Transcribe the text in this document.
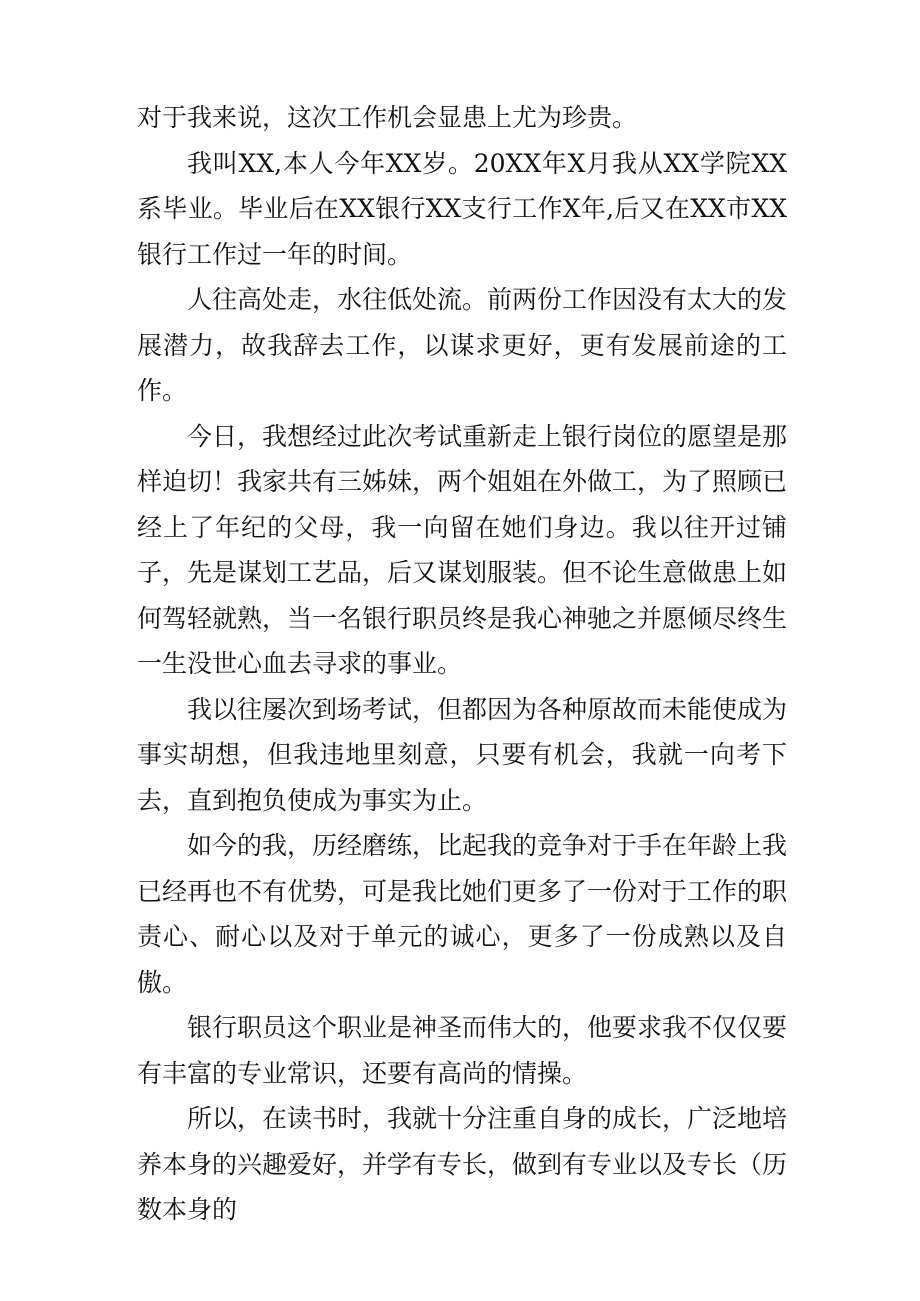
对于我来说，这次工作机会显患上尤为珍贵。

我叫XX,本人今年XX岁。20XX年X月我从XX学院XX系毕业。毕业后在XX银行XX支行工作X年,后又在XX市XX银行工作过一年的时间。

人往高处走，水往低处流。前两份工作因没有太大的发展潜力，故我辞去工作，以谋求更好，更有发展前途的工作。

今日，我想经过此次考试重新走上银行岗位的愿望是那样迫切！我家共有三姊妹，两个姐姐在外做工，为了照顾已经上了年纪的父母，我一向留在她们身边。我以往开过铺子，先是谋划工艺品，后又谋划服装。但不论生意做患上如何驾轻就熟，当一名银行职员终是我心神驰之并愿倾尽终生一生没世心血去寻求的事业。

我以往屡次到场考试，但都因为各种原故而未能使成为事实胡想，但我违地里刻意，只要有机会，我就一向考下去，直到抱负使成为事实为止。

如今的我，历经磨练，比起我的竞争对于手在年龄上我已经再也不有优势，可是我比她们更多了一份对于工作的职责心、耐心以及对于单元的诚心，更多了一份成熟以及自傲。

银行职员这个职业是神圣而伟大的，他要求我不仅仅要有丰富的专业常识，还要有高尚的情操。

所以，在读书时，我就十分注重自身的成长，广泛地培养本身的兴趣爱好，并学有专长，做到有专业以及专长（历数本身的
